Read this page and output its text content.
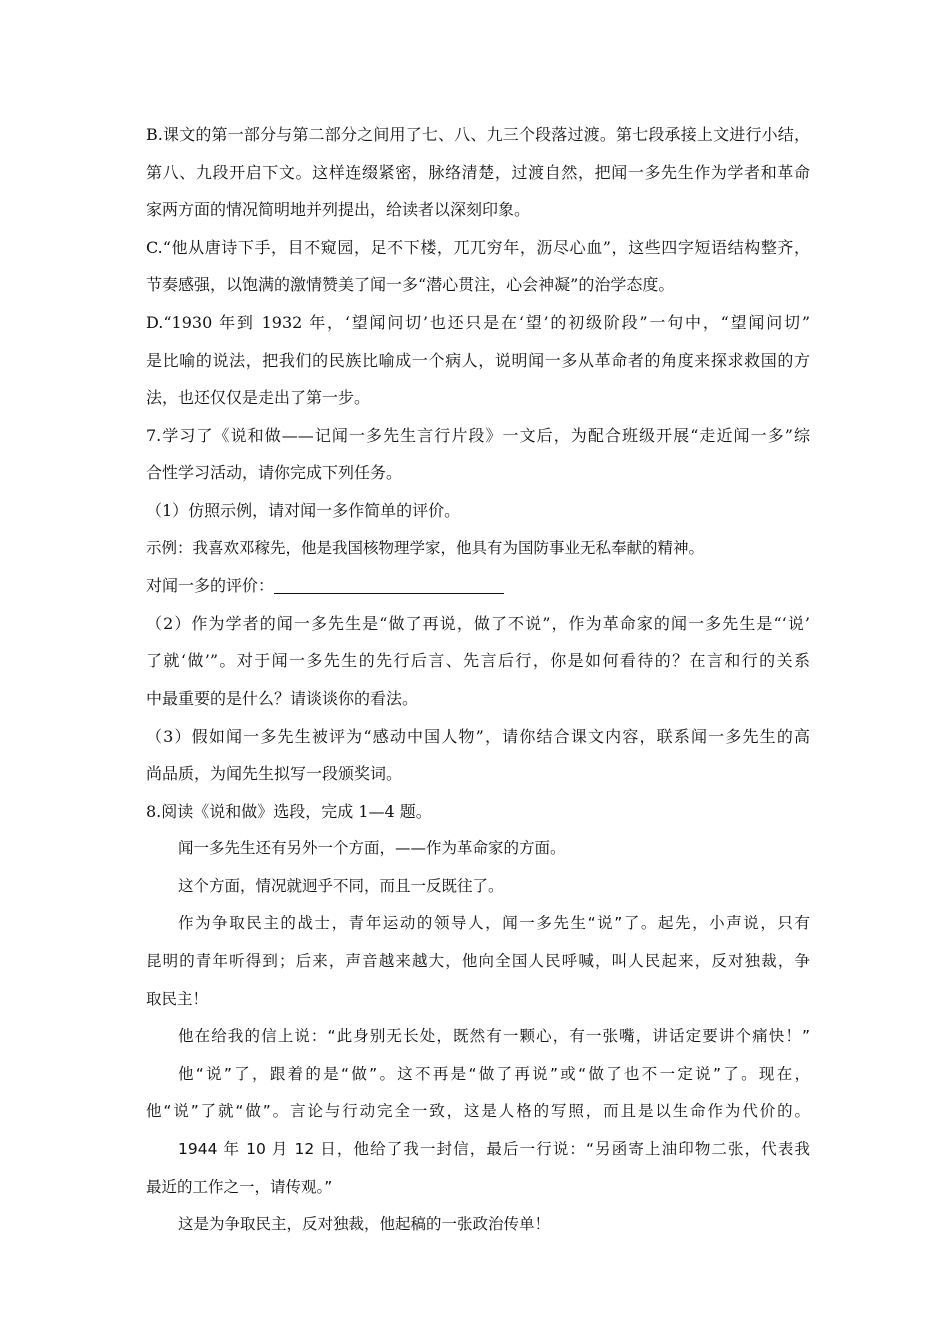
B.课文的第一部分与第二部分之间用了七、八、九三个段落过渡。第七段承接上文进行小结，
第八、九段开启下文。这样连缀紧密，脉络清楚，过渡自然，把闻一多先生作为学者和革命
家两方面的情况简明地并列提出，给读者以深刻印象。
C.“他从唐诗下手，目不窥园，足不下楼，兀兀穷年，沥尽心血”，这些四字短语结构整齐，
节奏感强，以饱满的激情赞美了闻一多“潜心贯注，心会神凝”的治学态度。
D.“1930 年到 1932 年，‘望闻问切’也还只是在‘望’的初级阶段”一句中，“望闻问切”
是比喻的说法，把我们的民族比喻成一个病人，说明闻一多从革命者的角度来探求救国的方
法，也还仅仅是走出了第一步。
7.学习了《说和做——记闻一多先生言行片段》一文后，为配合班级开展“走近闻一多”综
合性学习活动，请你完成下列任务。
（1）仿照示例，请对闻一多作简单的评价。
示例：我喜欢邓稼先，他是我国核物理学家，他具有为国防事业无私奉献的精神。
对闻一多的评价：
（2）作为学者的闻一多先生是“做了再说，做了不说”，作为革命家的闻一多先生是“‘说’
了就‘做’”。对于闻一多先生的先行后言、先言后行，你是如何看待的？在言和行的关系
中最重要的是什么？请谈谈你的看法。
（3）假如闻一多先生被评为“感动中国人物”，请你结合课文内容，联系闻一多先生的高
尚品质，为闻先生拟写一段颁奖词。
8.阅读《说和做》选段，完成 1—4 题。
闻一多先生还有另外一个方面，——作为革命家的方面。
这个方面，情况就迥乎不同，而且一反既往了。
作为争取民主的战士，青年运动的领导人，闻一多先生“说”了。起先，小声说，只有
昆明的青年听得到；后来，声音越来越大，他向全国人民呼喊，叫人民起来，反对独裁，争
取民主！
他在给我的信上说：“此身别无长处，既然有一颗心，有一张嘴，讲话定要讲个痛快！”
他“说”了，跟着的是“做”。这不再是“做了再说”或“做了也不一定说”了。现在，
他“说”了就“做”。言论与行动完全一致，这是人格的写照，而且是以生命作为代价的。
1944 年 10 月 12 日，他给了我一封信，最后一行说：“另函寄上油印物二张，代表我
最近的工作之一，请传观。”
这是为争取民主，反对独裁，他起稿的一张政治传单！
